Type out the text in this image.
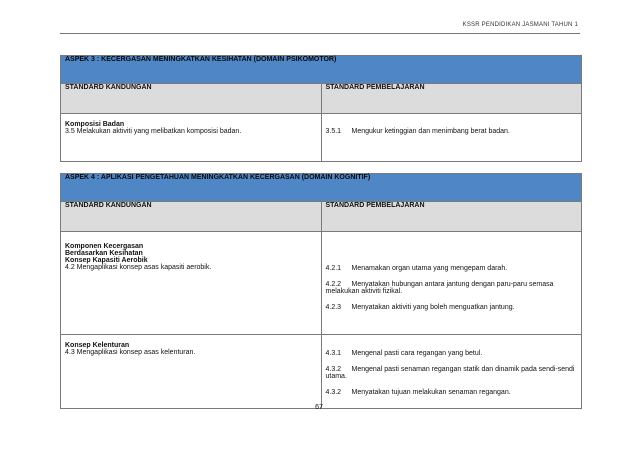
KSSR PENDIDIKAN JASMANI TAHUN 1
ASPEK 3 : KECERGASAN MENINGKATKAN KESIHATAN (DOMAIN PSIKOMOTOR)	
STANDARD KANDUNGAN	STANDARD PEMBELAJARAN

Komposisi Badan
3.5 Melakukan aktiviti yang melibatkan komposisi badan.	3.5.1 Mengukur ketinggian dan menimbang berat badan.
ASPEK 4 : APLIKASI PENGETAHUAN MENINGKATKAN KECERGASAN (DOMAIN KOGNITIF)	
STANDARD KANDUNGAN	STANDARD PEMBELAJARAN

Komponen Kecergasan
Berdasarkan Kesihatan
Konsep Kapasiti Aerobik
4.2 Mengaplikasi konsep asas kapasiti aerobik.	4.2.1 Menamakan organ utama yang mengepam darah.
4.2.2 Menyatakan hubungan antara jantung dengan paru-paru semasa melakukan aktiviti fizikal.
4.2.3 Menyatakan aktiviti yang boleh menguatkan jantung.

Konsep Kelenturan
4.3 Mengaplikasi konsep asas kelenturan.	4.3.1 Mengenal pasti cara regangan yang betul.
4.3.2 Mengenal pasti senaman regangan statik dan dinamik pada sendi-sendi utama.
4.3.2 Menyatakan tujuan melakukan senaman regangan.
67
